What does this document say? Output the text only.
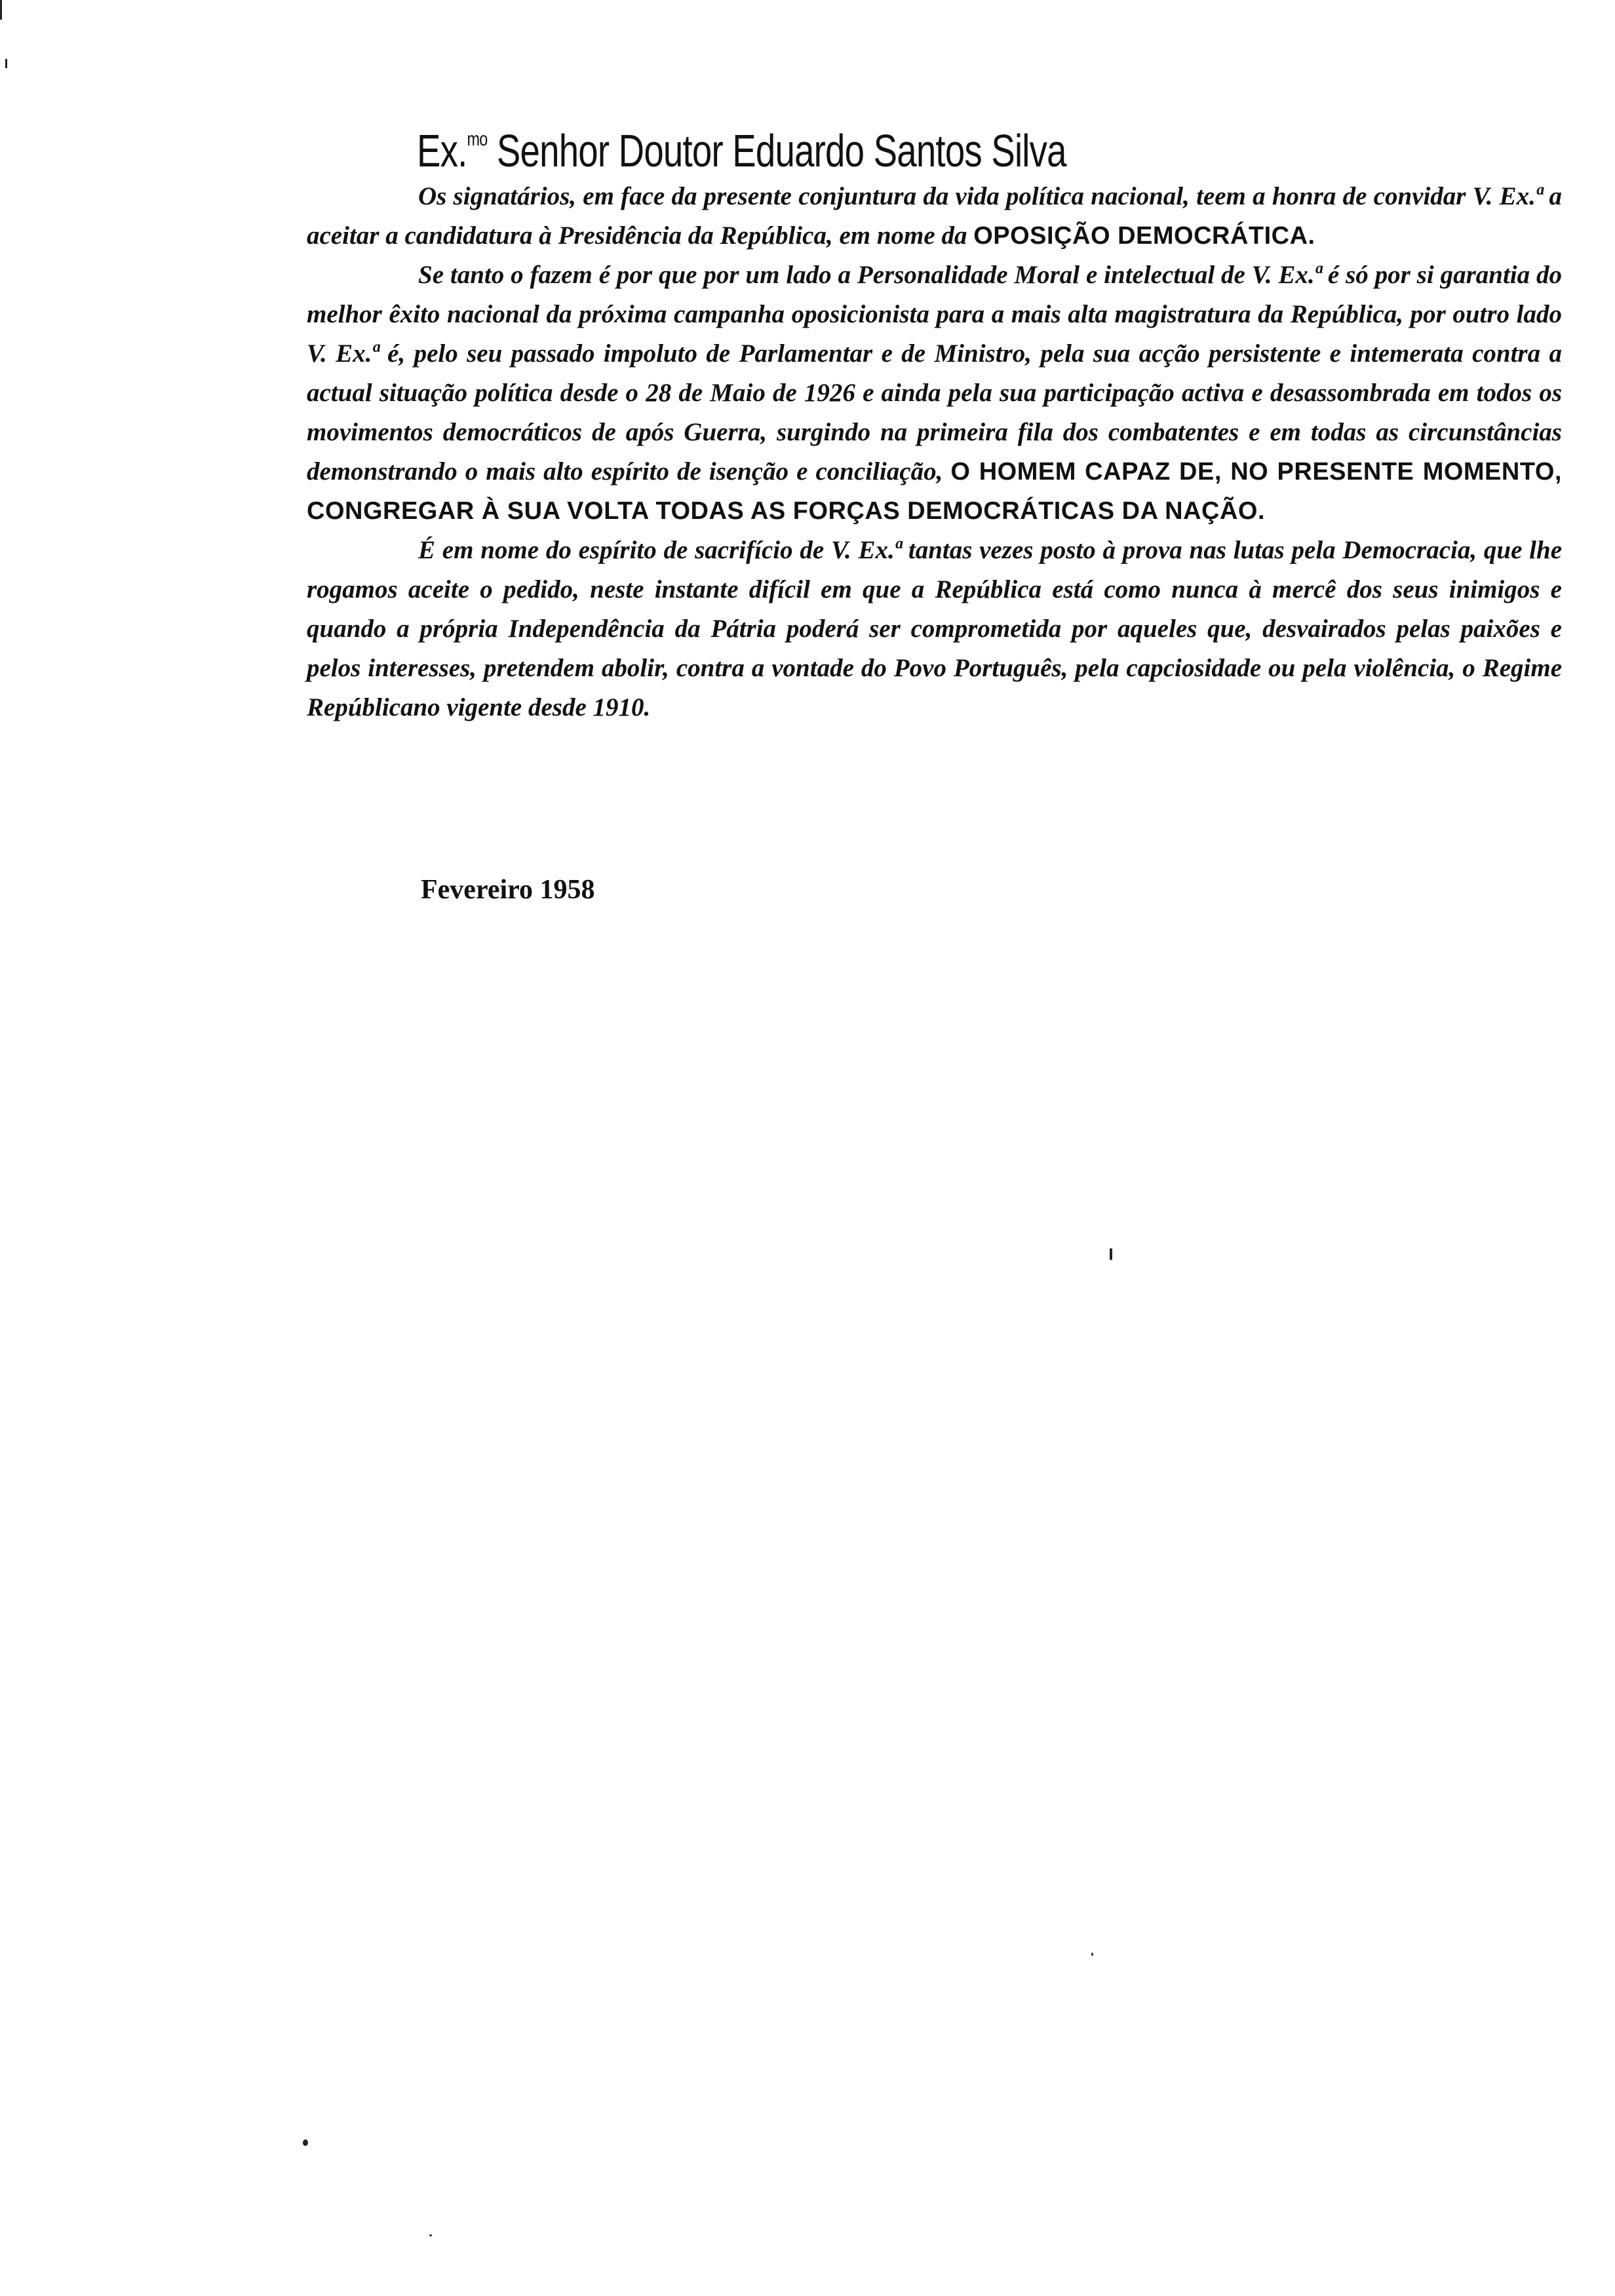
Ex.$^{mo}$ Senhor Doutor Eduardo Santos Silva

Os signatários, em face da presente conjuntura da vida política nacional, teem a honra de convidar V. Ex.ª a aceitar a candidatura à Presidência da República, em nome da OPOSIÇÃO DEMOCRÁTICA.

Se tanto o fazem é por que por um lado a Personalidade Moral e intelectual de V. Ex.ª é só por si garantia do melhor êxito nacional da próxima campanha oposicionista para a mais alta magistratura da República, por outro lado V. Ex.ª é, pelo seu passado impoluto de Parlamentar e de Ministro, pela sua acção persistente e intemerata contra a actual situação política desde o 28 de Maio de 1926 e ainda pela sua participação activa e desassombrada em todos os movimentos democráticos de após Guerra, surgindo na primeira fila dos combatentes e em todas as circunstâncias demonstrando o mais alto espírito de isenção e conciliação, O HOMEM CAPAZ DE, NO PRESENTE MOMENTO, CONGREGAR À SUA VOLTA TODAS AS FORÇAS DEMOCRÁTICAS DA NAÇÃO.

É em nome do espírito de sacrifício de V. Ex.ª tantas vezes posto à prova nas lutas pela Democracia, que lhe rogamos aceite o pedido, neste instante difícil em que a República está como nunca à mercê dos seus inimigos e quando a própria Independência da Pátria poderá ser comprometida por aqueles que, desvairados pelas paixões e pelos interesses, pretendem abolir, contra a vontade do Povo Português, pela capciosidade ou pela violência, o Regime Repúblicano vigente desde 1910.

Fevereiro 1958
